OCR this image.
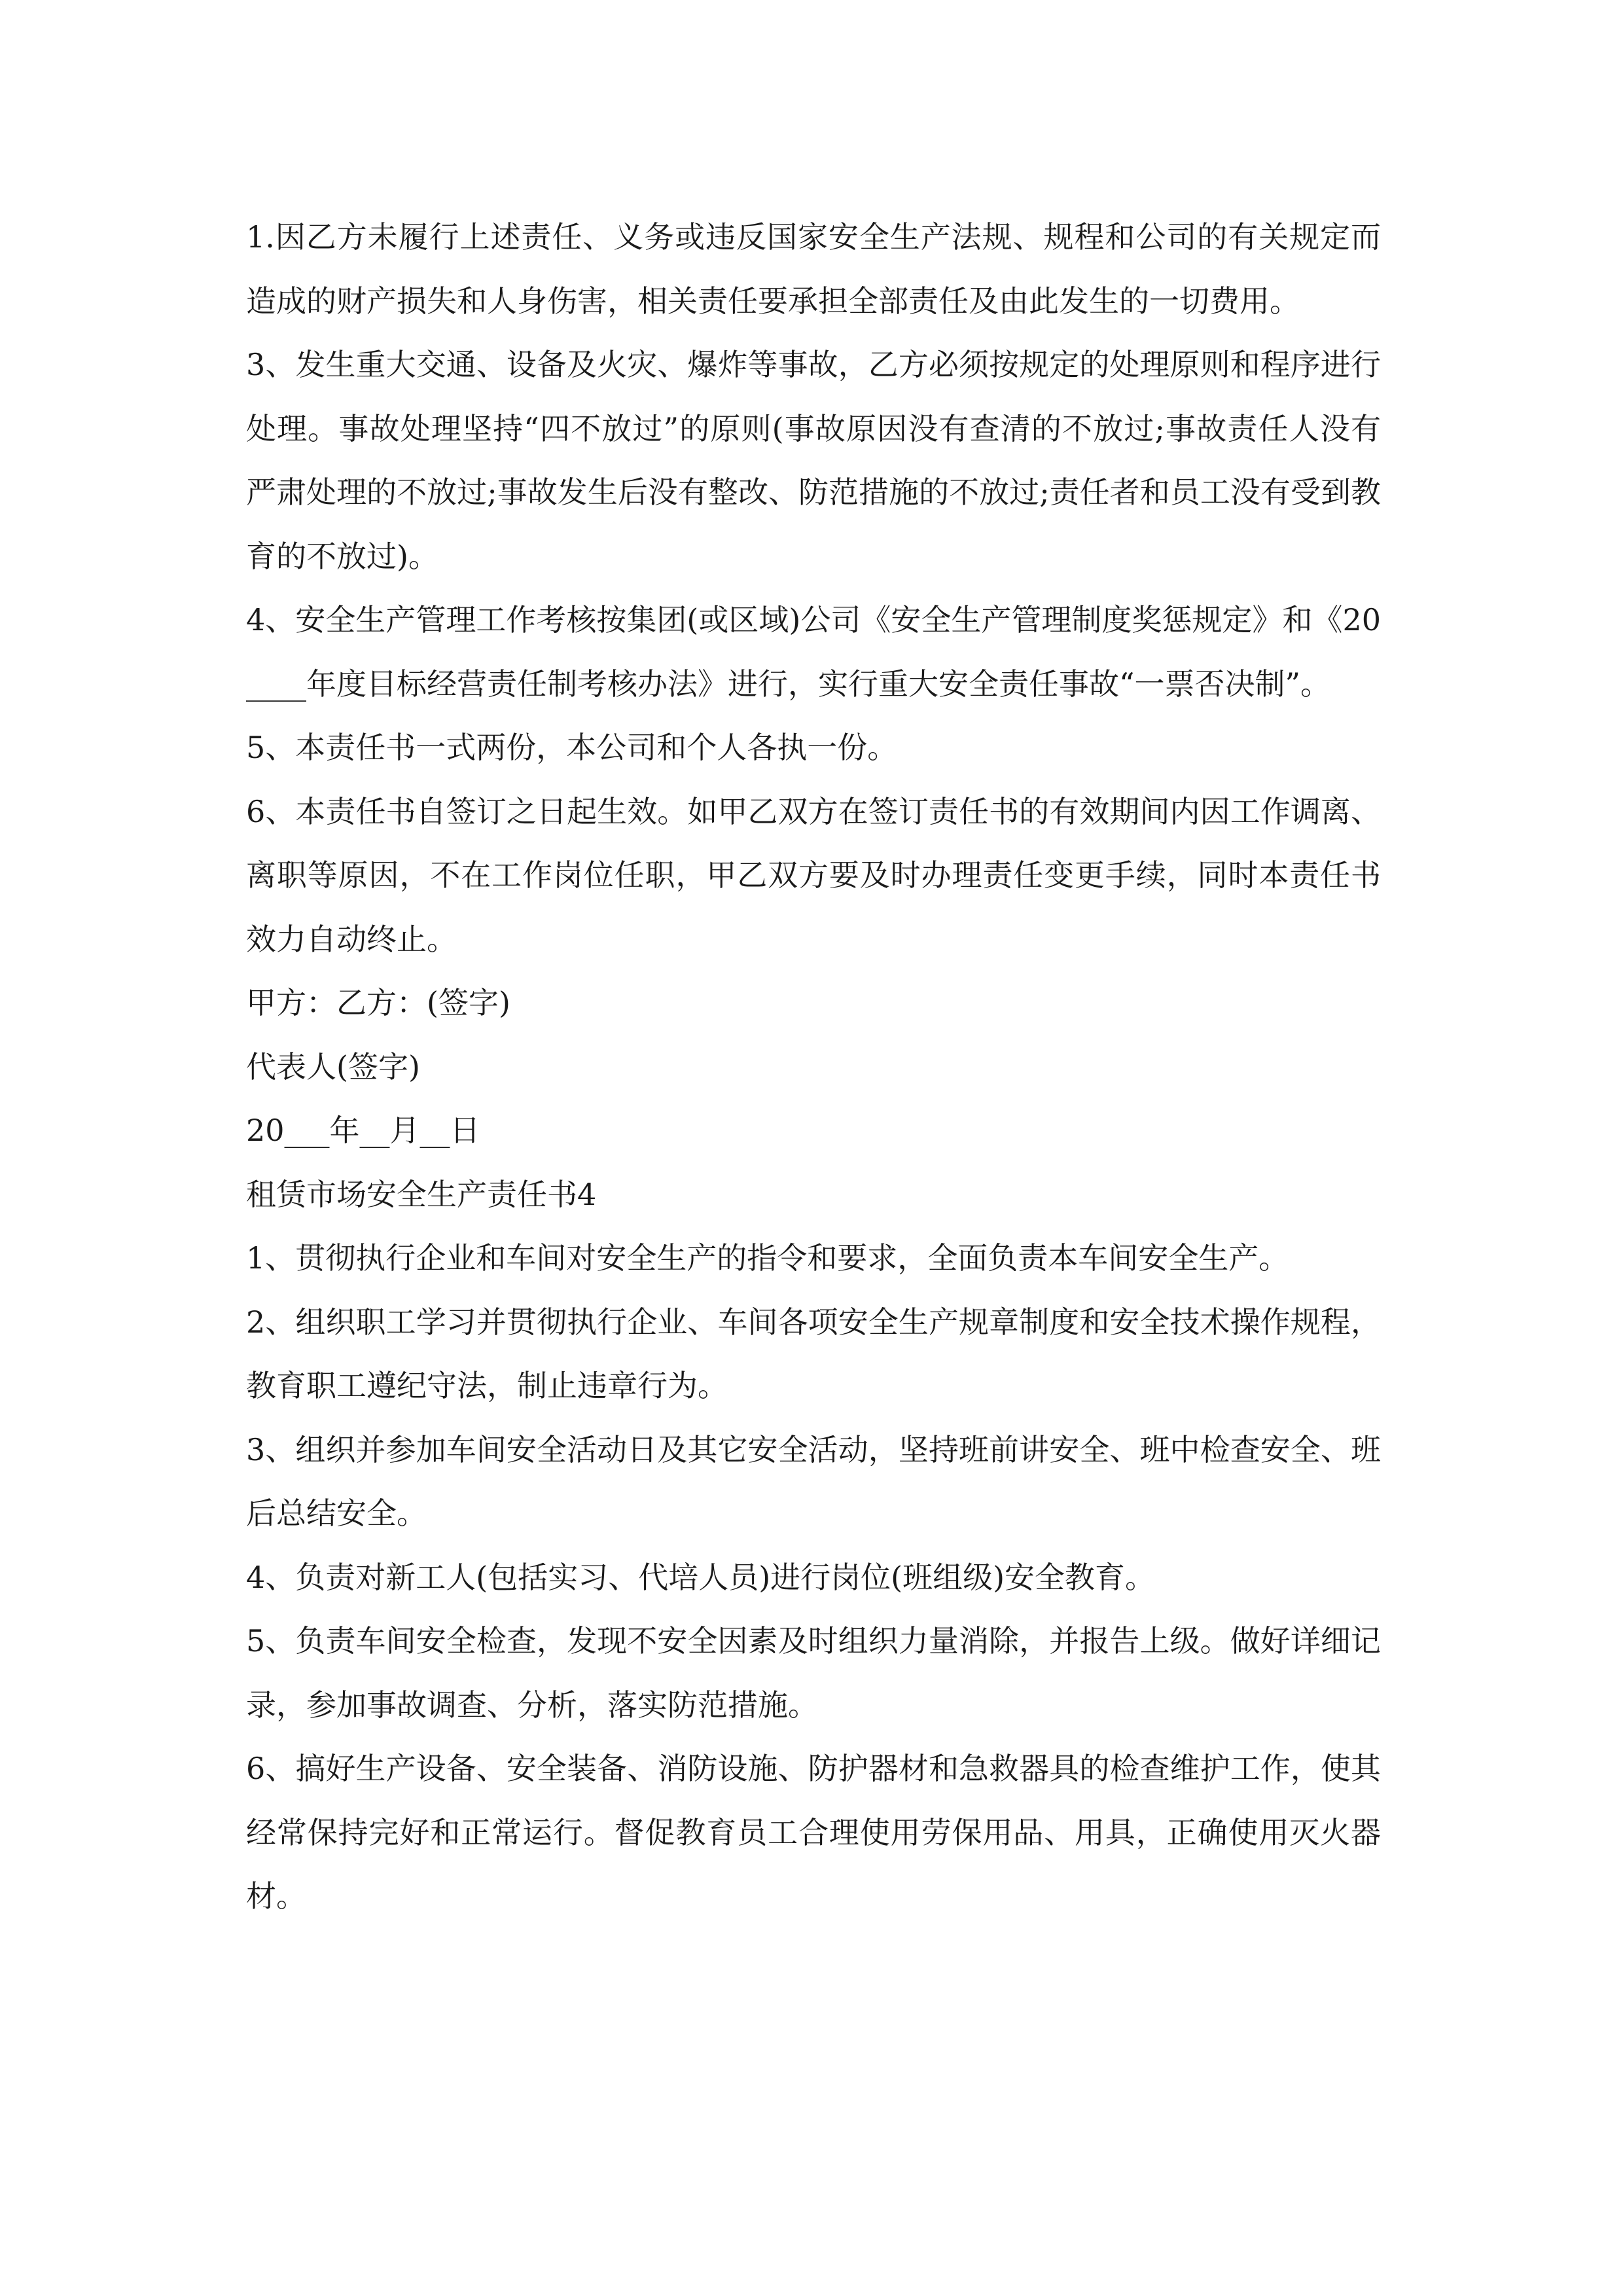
1.因乙方未履行上述责任、义务或违反国家安全生产法规、规程和公司的有关规定而造成的财产损失和人身伤害，相关责任要承担全部责任及由此发生的一切费用。

3、发生重大交通、设备及火灾、爆炸等事故，乙方必须按规定的处理原则和程序进行处理。事故处理坚持“四不放过”的原则(事故原因没有查清的不放过;事故责任人没有严肃处理的不放过;事故发生后没有整改、防范措施的不放过;责任者和员工没有受到教育的不放过)。

4、安全生产管理工作考核按集团(或区域)公司《安全生产管理制度奖惩规定》和《20____年度目标经营责任制考核办法》进行，实行重大安全责任事故“一票否决制”。

5、本责任书一式两份，本公司和个人各执一份。

6、本责任书自签订之日起生效。如甲乙双方在签订责任书的有效期间内因工作调离、离职等原因，不在工作岗位任职，甲乙双方要及时办理责任变更手续，同时本责任书效力自动终止。

甲方：乙方：(签字)

代表人(签字)

20___年__月__日

租赁市场安全生产责任书4

1、贯彻执行企业和车间对安全生产的指令和要求，全面负责本车间安全生产。

2、组织职工学习并贯彻执行企业、车间各项安全生产规章制度和安全技术操作规程，教育职工遵纪守法，制止违章行为。

3、组织并参加车间安全活动日及其它安全活动，坚持班前讲安全、班中检查安全、班后总结安全。

4、负责对新工人(包括实习、代培人员)进行岗位(班组级)安全教育。

5、负责车间安全检查，发现不安全因素及时组织力量消除，并报告上级。做好详细记录，参加事故调查、分析，落实防范措施。

6、搞好生产设备、安全装备、消防设施、防护器材和急救器具的检查维护工作，使其经常保持完好和正常运行。督促教育员工合理使用劳保用品、用具，正确使用灭火器材。
